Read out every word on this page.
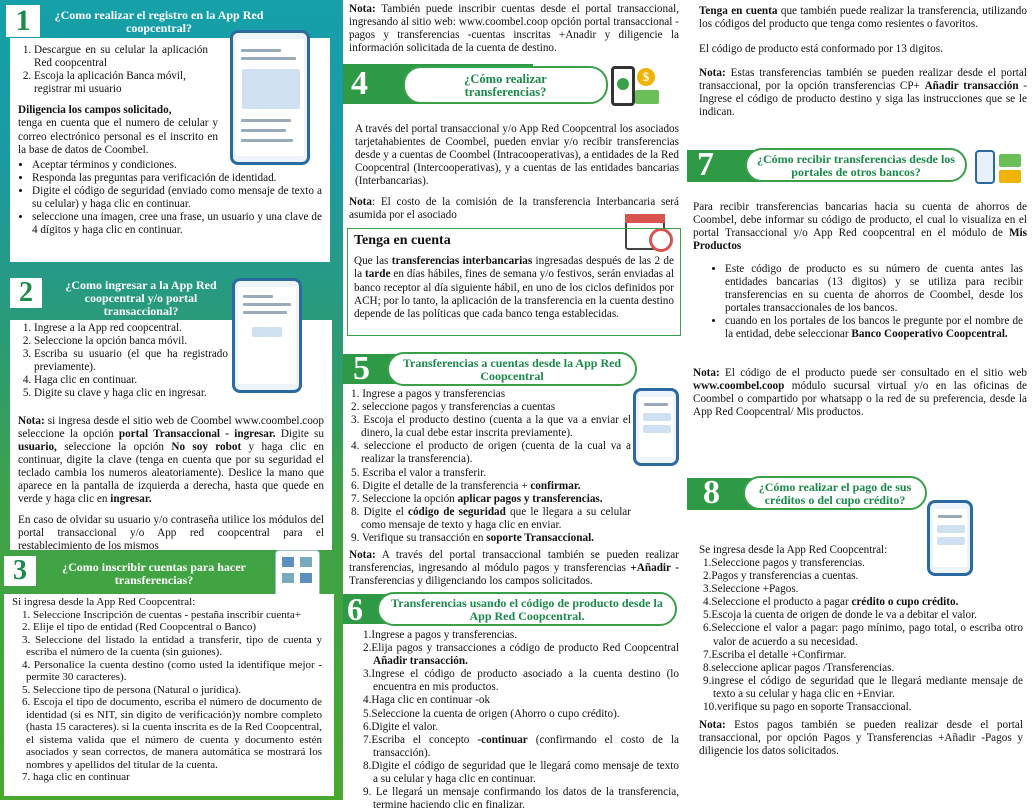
1	¿Como realizar el registro en la App Red coopcentral?
1. Descargue en su celular la aplicación Red coopcentral
2. Escoja la aplicación Banca móvil, registrar mi usuario
Diligencia los campos solicitado,
tenga en cuenta que el numero de celular y correo electrónico personal es el inscrito en la base de datos de Coombel.
• Aceptar términos y condiciones.
• Responda las preguntas para verificación de identidad.
• Digite el código de seguridad (enviado como mensaje de texto a su celular) y haga clic en continuar.
• seleccione una imagen, cree una frase, un usuario y una clave de 4 dígitos y haga clic en continuar.
2	¿Como ingresar a la App Red coopcentral y/o portal transaccional?
1. Ingrese a la App red coopcentral.
2. Seleccione la opción banca móvil.
3. Escriba su usuario (el que ha registrado previamente).
4. Haga clic en continuar.
5. Digite su clave y haga clic en ingresar.
Nota: si ingresa desde el sitio web de Coombel www.coombel.coop seleccione la opción portal Transaccional - ingresar. Digite su usuario, seleccione la opción No soy robot y haga clic en continuar, digite la clave (tenga en cuenta que por su seguridad el teclado cambia los numeros aleatoriamente). Deslice la mano que aparece en la pantalla de izquierda a derecha, hasta que quede en verde y haga clic en ingresar.
En caso de olvidar su usuario y/o contraseña utilice los módulos del portal transaccional y/o App red coopcentral para el restablecimiento de los mismos
3	¿Como inscribir cuentas para hacer transferencias?
Si ingresa desde la App Red Coopcentral:
1. Seleccione Inscripción de cuentas - pestaña inscribir cuenta+
2. Elije el tipo de entidad (Red Coopcentral o Banco)
3. Seleccione del listado la entidad a transferir, tipo de cuenta y escriba el número de la cuenta (sin guiones).
4. Personalice la cuenta destino (como usted la identifique mejor -permite 30 caracteres).
5. Seleccione tipo de persona (Natural o jurídica).
6. Escoja el tipo de documento, escriba el número de documento de identidad (si es NIT, sin digito de verificación)y nombre completo (hasta 15 caracteres). si la cuenta inscrita es de la Red Coopcentral, el sistema valida que el número de cuenta y documento estén asociados y sean correctos, de manera automática se mostrará los nombres y apellidos del titular de la cuenta.
7. haga clic en continuar
Nota: También puede inscribir cuentas desde el portal transaccional, ingresando al sitio web: www.coombel.coop opción portal transaccional -pagos y transferencias -cuentas inscritas +Anadir y diligencie la información solicitada de la cuenta de destino.
4	¿Cómo realizar transferencias?
$
A través del portal transaccional y/o App Red Coopcentral los asociados tarjetahabientes de Coombel, pueden enviar y/o recibir transferencias desde y a cuentas de Coombel (Intracooperativas), a entidades de la Red Coopcentral (Intercooperativas), y a cuentas de las entidades bancarias (Interbancarias).
Nota: El costo de la comisión de la transferencia Interbancaria será asumida por el asociado
Tenga en cuenta
Que las transferencias interbancarias ingresadas después de las 2 de la tarde en días hábiles, fines de semana y/o festivos, serán enviadas al banco receptor al día siguiente hábil, en uno de los ciclos definidos por ACH; por lo tanto, la aplicación de la transferencia en la cuenta destino depende de las políticas que cada banco tenga establecidas.
5	Transferencias a cuentas desde la App Red Coopcentral
1. Ingrese a pagos y transferencias
2. seleccione pagos y transferencias a cuentas
3. Escoja el producto destino (cuenta a la que va a enviar el dinero, la cual debe estar inscrita previamente).
4. seleccione el producto de origen (cuenta de la cual va a realizar la transferencia).
5. Escriba el valor a transferir.
6. Digite el detalle de la transferencia + confirmar.
7. Seleccione la opción aplicar pagos y transferencias.
8. Digite el código de seguridad que le llegara a su celular como mensaje de texto y haga clic en enviar.
9. Verifique su transacción en soporte Transaccional.
Nota: A través del portal transaccional también se pueden realizar transferencias, ingresando al módulo pagos y transferencias +Añadir - Transferencias y diligenciando los campos solicitados.
6	Transferencias usando el código de producto desde la App Red Coopcentral.
1.Ingrese a pagos y transferencias.
2.Elija pagos y transacciones a código de producto Red Coopcentral Añadir transacción.
3.Ingrese el código de producto asociado a la cuenta destino (lo encuentra en mis productos.
4.Haga clic en continuar -ok
5.Seleccione la cuenta de origen (Ahorro o cupo crédito).
6.Digite el valor.
7.Escriba el concepto -continuar (confirmando el costo de la transacción).
8.Digite el código de seguridad que le llegará como mensaje de texto a su celular y haga clic en continuar.
9. Le llegará un mensaje confirmando los datos de la transferencia, termine haciendo clic en finalizar.
Tenga en cuenta que también puede realizar la transferencia, utilizando los códigos del producto que tenga como resientes o favoritos.
El código de producto está conformado por 13 digitos.
Nota: Estas transferencias también se pueden realizar desde el portal transaccional, por la opción transferencias CP+ Añadir transacción - Ingrese el código de producto destino y siga las instrucciones que se le indican.
7	¿Cómo recibir transferencias desde los portales de otros bancos?
Para recibir transferencias bancarias hacia su cuenta de ahorros de Coombel, debe informar su código de producto, el cual lo visualiza en el portal Transaccional y/o App Red coopcentral en el módulo de Mis Productos
• Este código de producto es su número de cuenta antes las entidades bancarias (13 digitos) y se utiliza para recibir transferencias en su cuenta de ahorros de Coombel, desde los portales transaccionales de los bancos.
• cuando en los portales de los bancos le pregunte por el nombre de la entidad, debe seleccionar Banco Cooperativo Coopcentral.
Nota: El código de el producto puede ser consultado en el sitio web www.coombel.coop módulo sucursal virtual y/o en las oficinas de Coombel o compartido por whatsapp o la red de su preferencia, desde la App Red Coopcentral/ Mis productos.
8	¿Cómo realizar el pago de sus créditos o del cupo crédito?
Se ingresa desde la App Red Coopcentral:
1.Seleccione pagos y transferencias.
2.Pagos y transferencias a cuentas.
3.Seleccione +Pagos.
4.Seleccione el producto a pagar crédito o cupo crédito.
5.Escoja la cuenta de origen de donde le va a debitar el valor.
6.Seleccione el valor a pagar: pago mínimo, pago total, o escriba otro valor de acuerdo a su necesidad.
7.Escriba el detalle +Confirmar.
8.seleccione aplicar pagos /Transferencias.
9.ingrese el código de seguridad que le llegará mediante mensaje de texto a su celular y haga clic en +Enviar.
10.verifique su pago en soporte Transaccional.
Nota: Estos pagos también se pueden realizar desde el portal transaccional, por opción Pagos y Transferencias +Añadir -Pagos y diligencie los datos solicitados.
